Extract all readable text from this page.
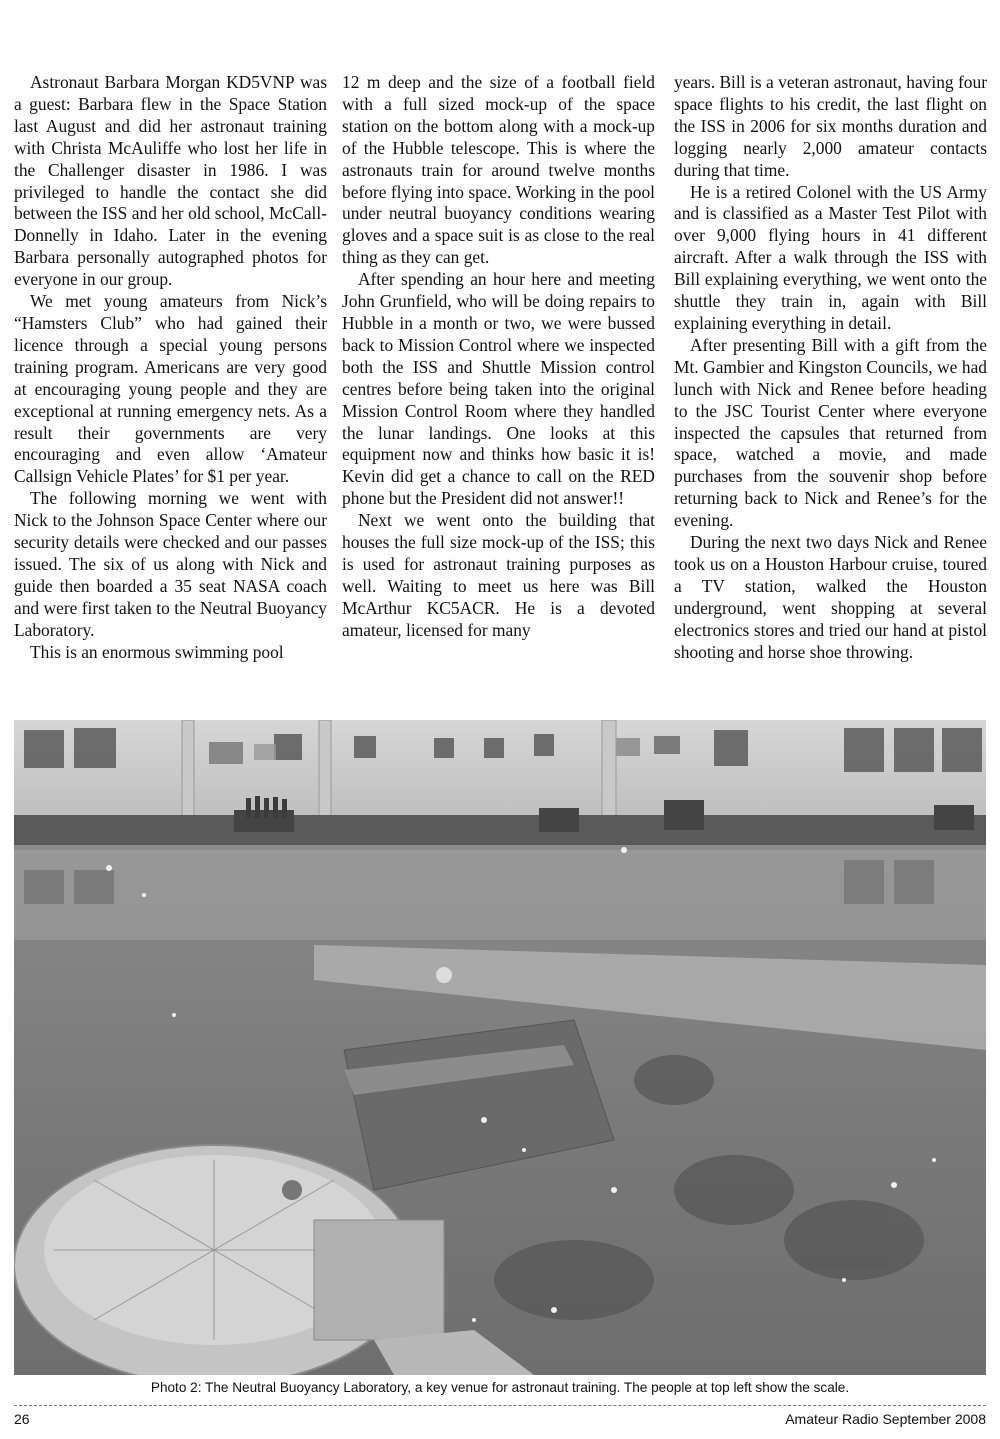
Astronaut Barbara Morgan KD5VNP was a guest: Barbara flew in the Space Station last August and did her astronaut training with Christa McAuliffe who lost her life in the Challenger disaster in 1986. I was privileged to handle the contact she did between the ISS and her old school, McCall-Donnelly in Idaho. Later in the evening Barbara personally autographed photos for everyone in our group.

We met young amateurs from Nick’s “Hamsters Club” who had gained their licence through a special young persons training program. Americans are very good at encouraging young people and they are exceptional at running emergency nets. As a result their governments are very encouraging and even allow ‘Amateur Callsign Vehicle Plates’ for $1 per year.

The following morning we went with Nick to the Johnson Space Center where our security details were checked and our passes issued. The six of us along with Nick and guide then boarded a 35 seat NASA coach and were first taken to the Neutral Buoyancy Laboratory.

This is an enormous swimming pool

12 m deep and the size of a football field with a full sized mock-up of the space station on the bottom along with a mock-up of the Hubble telescope. This is where the astronauts train for around twelve months before flying into space. Working in the pool under neutral buoyancy conditions wearing gloves and a space suit is as close to the real thing as they can get.

After spending an hour here and meeting John Grunfield, who will be doing repairs to Hubble in a month or two, we were bussed back to Mission Control where we inspected both the ISS and Shuttle Mission control centres before being taken into the original Mission Control Room where they handled the lunar landings. One looks at this equipment now and thinks how basic it is! Kevin did get a chance to call on the RED phone but the President did not answer!!

Next we went onto the building that houses the full size mock-up of the ISS; this is used for astronaut training purposes as well. Waiting to meet us here was Bill McArthur KC5ACR. He is a devoted amateur, licensed for many

years. Bill is a veteran astronaut, having four space flights to his credit, the last flight on the ISS in 2006 for six months duration and logging nearly 2,000 amateur contacts during that time.

He is a retired Colonel with the US Army and is classified as a Master Test Pilot with over 9,000 flying hours in 41 different aircraft. After a walk through the ISS with Bill explaining everything, we went onto the shuttle they train in, again with Bill explaining everything in detail.

After presenting Bill with a gift from the Mt. Gambier and Kingston Councils, we had lunch with Nick and Renee before heading to the JSC Tourist Center where everyone inspected the capsules that returned from space, watched a movie, and made purchases from the souvenir shop before returning back to Nick and Renee’s for the evening.

During the next two days Nick and Renee took us on a Houston Harbour cruise, toured a TV station, walked the Houston underground, went shopping at several electronics stores and tried our hand at pistol shooting and horse shoe throwing.

Photo 2: The Neutral Buoyancy Laboratory, a key venue for astronaut training. The people at top left show the scale.
26	Amateur Radio September 2008
